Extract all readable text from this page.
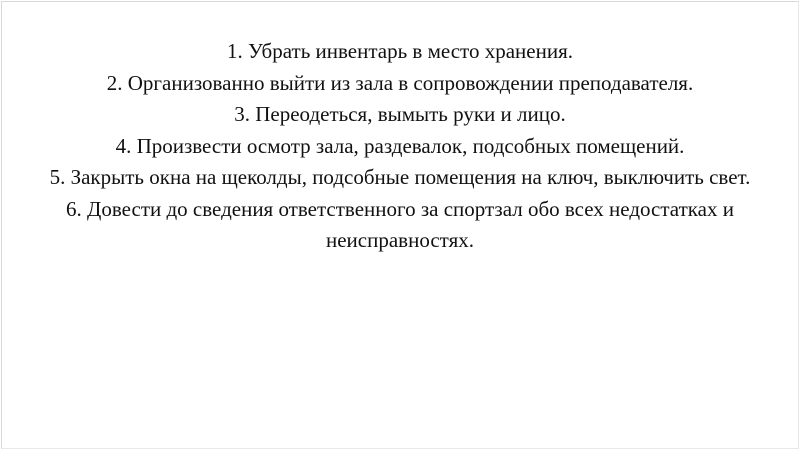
1. Убрать инвентарь в место хранения.
2. Организованно выйти из зала в сопровождении преподавателя.
3. Переодеться, вымыть руки и лицо.
4. Произвести осмотр зала, раздевалок, подсобных помещений.
5. Закрыть окна на щеколды, подсобные помещения на ключ, выключить свет.
6. Довести до сведения ответственного за спортзал обо всех недостатках и неисправностях.
